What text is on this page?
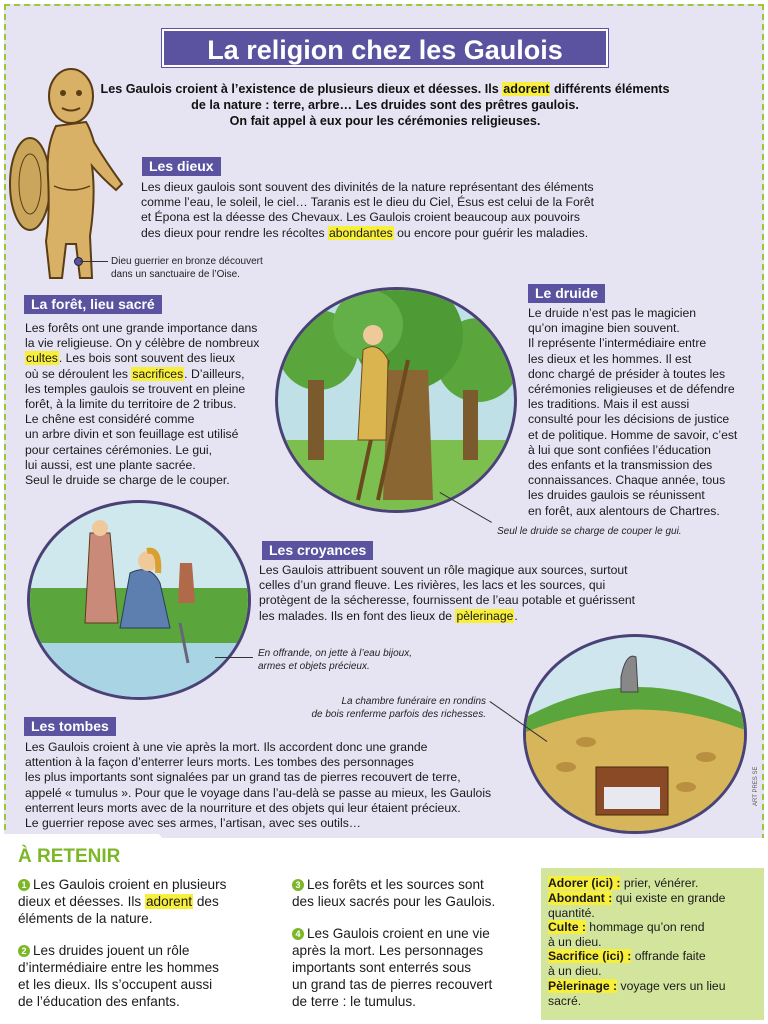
La religion chez les Gaulois
Les Gaulois croient à l’existence de plusieurs dieux et déesses. Ils adorent différents éléments de la nature : terre, arbre… Les druides sont des prêtres gaulois.
On fait appel à eux pour les cérémonies religieuses.
Les dieux
Les dieux gaulois sont souvent des divinités de la nature représentant des éléments
comme l’eau, le soleil, le ciel… Taranis est le dieu du Ciel, Ésus est celui de la Forêt
et Épona est la déesse des Chevaux. Les Gaulois croient beaucoup aux pouvoirs
des dieux pour rendre les récoltes abondantes ou encore pour guérir les maladies.
Dieu guerrier en bronze découvert
dans un sanctuaire de l’Oise.
La forêt, lieu sacré
Les forêts ont une grande importance dans
la vie religieuse. On y célèbre de nombreux
cultes. Les bois sont souvent des lieux
où se déroulent les sacrifices. D’ailleurs,
les temples gaulois se trouvent en pleine
forêt, à la limite du territoire de 2 tribus.
Le chêne est considéré comme
un arbre divin et son feuillage est utilisé
pour certaines cérémonies. Le gui,
lui aussi, est une plante sacrée.
Seul le druide se charge de le couper.
Seul le druide se charge de couper le gui.
Le druide
Le druide n’est pas le magicien
qu’on imagine bien souvent.
Il représente l’intermédiaire entre
les dieux et les hommes. Il est
donc chargé de présider à toutes les
cérémonies religieuses et de défendre
les traditions. Mais il est aussi
consulté pour les décisions de justice
et de politique. Homme de savoir, c’est
à lui que sont confiées l’éducation
des enfants et la transmission des
connaissances. Chaque année, tous
les druides gaulois se réunissent
en forêt, aux alentours de Chartres.

Les croyances
Les Gaulois attribuent souvent un rôle magique aux sources, surtout
celles d’un grand fleuve. Les rivières, les lacs et les sources, qui
protègent de la sécheresse, fournissent de l’eau potable et guérissent
les malades. Ils en font des lieux de pèlerinage.
En offrande, on jette à l’eau bijoux,
armes et objets précieux.
La chambre funéraire en rondins
de bois renferme parfois des richesses.
Les tombes
Les Gaulois croient à une vie après la mort. Ils accordent donc une grande
attention à la façon d’enterrer leurs morts. Les tombes des personnages
les plus importants sont signalées par un grand tas de pierres recouvert de terre,
appelé « tumulus ». Pour que le voyage dans l’au-delà se passe au mieux, les Gaulois
enterrent leurs morts avec de la nourriture et des objets qui leur étaient précieux.
Le guerrier repose avec ses armes, l’artisan, avec ses outils…

ART PRES SE
À RETENIR
1 Les Gaulois croient en plusieurs
dieux et déesses. Ils adorent des
éléments de la nature.
2 Les druides jouent un rôle
d’intermédiaire entre les hommes
et les dieux. Ils s’occupent aussi
de l’éducation des enfants.

3 Les forêts et les sources sont
des lieux sacrés pour les Gaulois.

4 Les Gaulois croient en une vie
après la mort. Les personnages
importants sont enterrés sous
un grand tas de pierres recouvert
de terre : le tumulus.

Adorer (ici) : prier, vénérer.
Abondant : qui existe en grande
quantité.
Culte : hommage qu’on rend
à un dieu.
Sacrifice (ici) : offrande faite
à un dieu.
Pèlerinage : voyage vers un lieu
sacré.
